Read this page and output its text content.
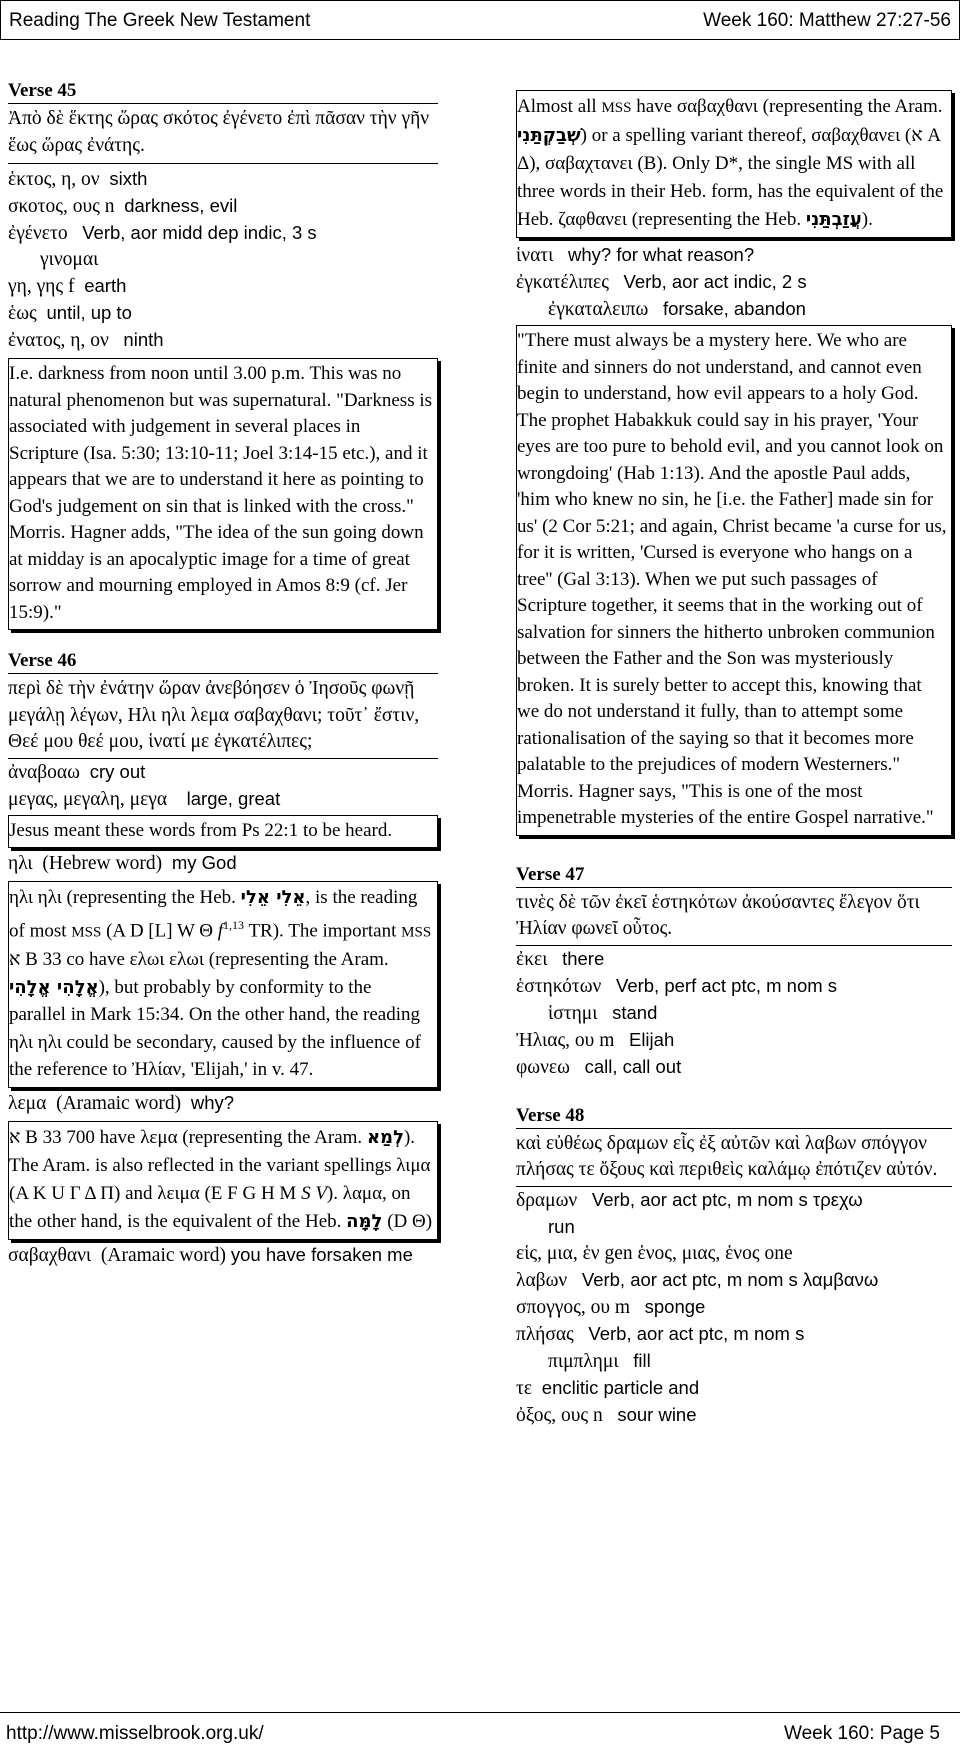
Reading The Greek New Testament	Week 160: Matthew 27:27-56
Verse 45
Ἀπὸ δὲ ἕκτης ὥρας σκότος ἐγένετο ἐπὶ πᾶσαν τὴν γῆν ἕως ὥρας ἐνάτης.
ἑκτος, η, ον sixth
σκοτος, ους n darkness, evil
ἐγένετο Verb, aor midd dep indic, 3 s
γινομαι
γη, γης f earth
ἑως until, up to
ἐνατος, η, ον ninth
I.e. darkness from noon until 3.00 p.m. This was no natural phenomenon but was supernatural. "Darkness is associated with judgement in several places in Scripture (Isa. 5:30; 13:10-11; Joel 3:14-15 etc.), and it appears that we are to understand it here as pointing to God's judgement on sin that is linked with the cross." Morris. Hagner adds, "The idea of the sun going down at midday is an apocalyptic image for a time of great sorrow and mourning employed in Amos 8:9 (cf. Jer 15:9)."
Verse 46
περὶ δὲ τὴν ἐνάτην ὥραν ἀνεβόησεν ὁ Ἰησοῦς φωνῇ μεγάλῃ λέγων, Ηλι ηλι λεμα σαβαχθανι; τοῦτ᾽ ἔστιν, Θεέ μου θεέ μου, ἱνατί με ἐγκατέλιπες;
ἀναβοαω cry out
μεγας, μεγαλη, μεγα large, great
Jesus meant these words from Ps 22:1 to be heard.
ηλι (Hebrew word) my God
ηλι ηλι (representing the Heb. אֵלִי אֵלִי, is the reading of most MSS (A D [L] W Θ $f^{1,13}$ TR). The important MSS א B 33 co have ελωι ελωι (representing the Aram. אֱלָהִי אֱלָהִי), but probably by conformity to the parallel in Mark 15:34. On the other hand, the reading ηλι ηλι could be secondary, caused by the influence of the reference to Ἠλίαν, 'Elijah,' in v. 47.
λεμα (Aramaic word) why?
א B 33 700 have λεμα (representing the Aram. לְמַא). The Aram. is also reflected in the variant spellings λιμα (A K U Γ Δ Π) and λειμα (E F G H M S V). λαμα, on the other hand, is the equivalent of the Heb. לָמָּה (D Θ)
σαβαχθανι (Aramaic word) you have forsaken me
Almost all MSS have σαβαχθανι (representing the Aram. שְׁבַקְתַּנִי) or a spelling variant thereof, σαβαχθανει (א A Δ), σαβαχτανει (B). Only D*, the single MS with all three words in their Heb. form, has the equivalent of the Heb. ζαφθανει (representing the Heb. עֲזַבְתַּנִי).
ἱνατι why? for what reason?
ἐγκατέλιπες Verb, aor act indic, 2 s
ἐγκαταλειπω forsake, abandon
"There must always be a mystery here. We who are finite and sinners do not understand, and cannot even begin to understand, how evil appears to a holy God. The prophet Habakkuk could say in his prayer, 'Your eyes are too pure to behold evil, and you cannot look on wrongdoing' (Hab 1:13). And the apostle Paul adds, 'him who knew no sin, he [i.e. the Father] made sin for us' (2 Cor 5:21; and again, Christ became 'a curse for us, for it is written, 'Cursed is everyone who hangs on a tree'' (Gal 3:13). When we put such passages of Scripture together, it seems that in the working out of salvation for sinners the hitherto unbroken communion between the Father and the Son was mysteriously broken. It is surely better to accept this, knowing that we do not understand it fully, than to attempt some rationalisation of the saying so that it becomes more palatable to the prejudices of modern Westerners." Morris. Hagner says, "This is one of the most impenetrable mysteries of the entire Gospel narrative."
Verse 47
τινὲς δὲ τῶν ἐκεῖ ἑστηκότων ἀκούσαντες ἔλεγον ὅτι Ἠλίαν φωνεῖ οὗτος.
ἐκει there
ἑστηκότων Verb, perf act ptc, m nom s
ἱστημι stand
Ἠλιας, ου m Elijah
φωνεω call, call out
Verse 48
καὶ εὐθέως δραμων εἷς ἐξ αὐτῶν καὶ λαβων σπόγγον πλήσας τε ὄξους καὶ περιθεὶς καλάμῳ ἐπότιζεν αὐτόν.
δραμων Verb, aor act ptc, m nom s τρεχω
run
εἱς, μια, ἑν gen ἑνος, μιας, ἑνος one
λαβων Verb, aor act ptc, m nom s λαμβανω
σπογγος, ου m sponge
πλήσας Verb, aor act ptc, m nom s
πιμπλημι fill
τε enclitic particle and
ὀξος, ους n sour wine
http://www.misselbrook.org.uk/	Week 160: Page 5
